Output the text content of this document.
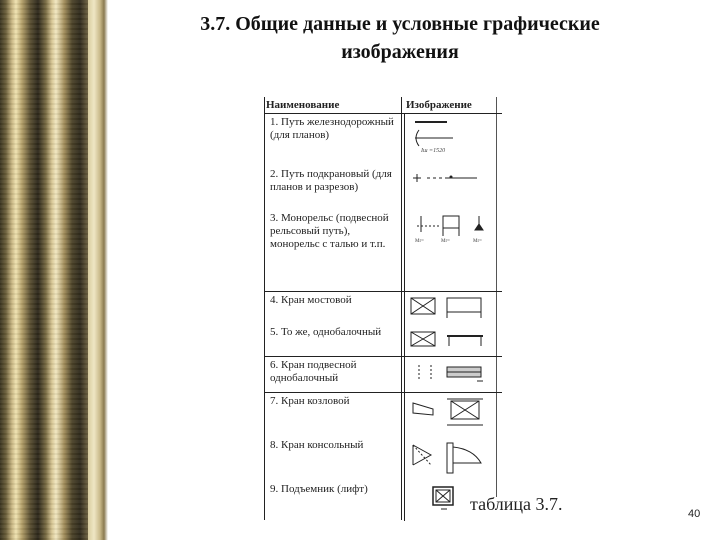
3.7. Общие данные и условные графические
изображения
Наименование	Изображение
1. Путь железнодорожный (для планов)	Iш =1520

2. Путь подкрановый (для планов и разрезов)	

3. Монорельс (подвесной рельсовый путь), монорельс с талью и т.п.	Mr= Mr= Mr=

4. Кран мостовой	

5. То же, однобалочный	

6. Кран подвесной однобалочный	

7. Кран козловой	

8. Кран консольный	

9. Подъемник (лифт)	
таблица 3.7.	40
